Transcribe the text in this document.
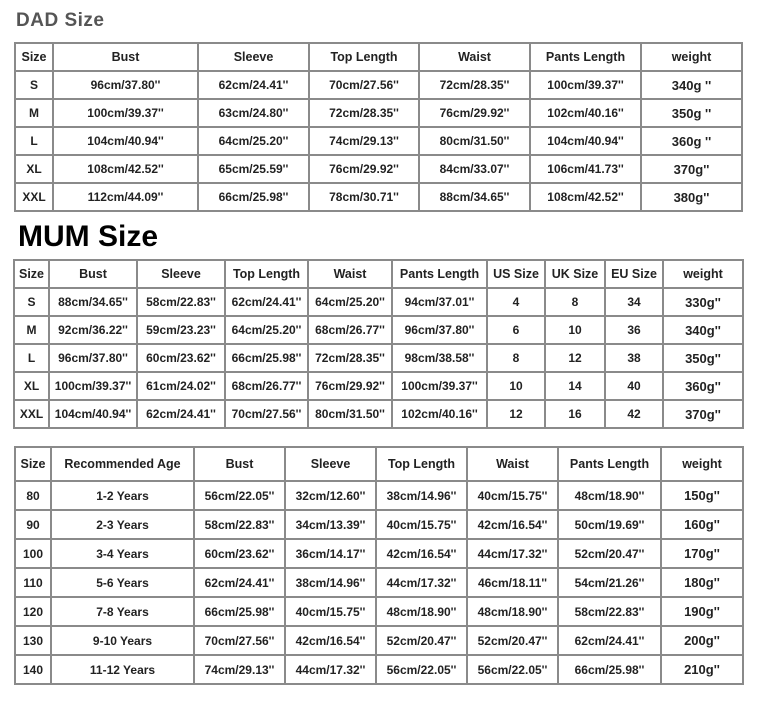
DAD Size
Size	Bust	Sleeve	Top Length	Waist	Pants Length	weight
S	96cm/37.80''	62cm/24.41''	70cm/27.56''	72cm/28.35''	100cm/39.37''	340g ''
M	100cm/39.37''	63cm/24.80''	72cm/28.35''	76cm/29.92''	102cm/40.16''	350g ''
L	104cm/40.94''	64cm/25.20''	74cm/29.13''	80cm/31.50''	104cm/40.94''	360g ''
XL	108cm/42.52''	65cm/25.59''	76cm/29.92''	84cm/33.07''	106cm/41.73''	370g''
XXL	112cm/44.09''	66cm/25.98''	78cm/30.71''	88cm/34.65''	108cm/42.52''	380g''
MUM Size
Size	Bust	Sleeve	Top Length	Waist	Pants Length	US Size	UK Size	EU Size	weight
S	88cm/34.65''	58cm/22.83''	62cm/24.41''	64cm/25.20''	94cm/37.01''	4	8	34	330g''
M	92cm/36.22''	59cm/23.23''	64cm/25.20''	68cm/26.77''	96cm/37.80''	6	10	36	340g''
L	96cm/37.80''	60cm/23.62''	66cm/25.98''	72cm/28.35''	98cm/38.58''	8	12	38	350g''
XL	100cm/39.37''	61cm/24.02''	68cm/26.77''	76cm/29.92''	100cm/39.37''	10	14	40	360g''
XXL	104cm/40.94''	62cm/24.41''	70cm/27.56''	80cm/31.50''	102cm/40.16''	12	16	42	370g''
Size	Recommended Age	Bust	Sleeve	Top Length	Waist	Pants Length	weight
80	1-2 Years	56cm/22.05''	32cm/12.60''	38cm/14.96''	40cm/15.75''	48cm/18.90''	150g''
90	2-3 Years	58cm/22.83''	34cm/13.39''	40cm/15.75''	42cm/16.54''	50cm/19.69''	160g''
100	3-4 Years	60cm/23.62''	36cm/14.17''	42cm/16.54''	44cm/17.32''	52cm/20.47''	170g''
110	5-6 Years	62cm/24.41''	38cm/14.96''	44cm/17.32''	46cm/18.11''	54cm/21.26''	180g''
120	7-8 Years	66cm/25.98''	40cm/15.75''	48cm/18.90''	48cm/18.90''	58cm/22.83''	190g''
130	9-10 Years	70cm/27.56''	42cm/16.54''	52cm/20.47''	52cm/20.47''	62cm/24.41''	200g''
140	11-12 Years	74cm/29.13''	44cm/17.32''	56cm/22.05''	56cm/22.05''	66cm/25.98''	210g''
